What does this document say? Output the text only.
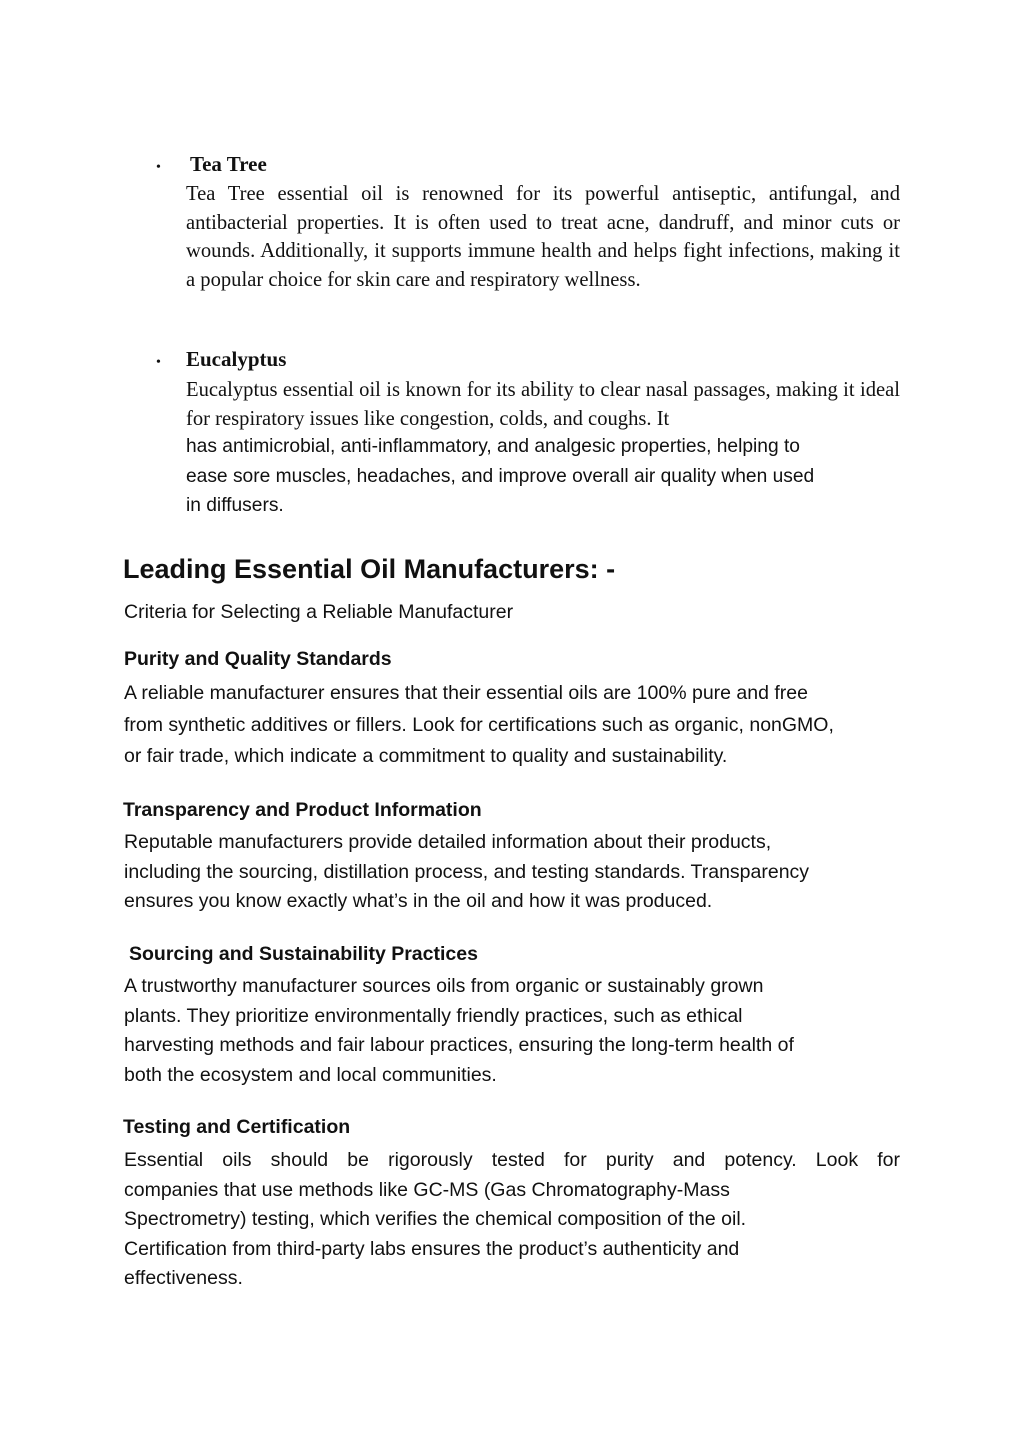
• Tea Tree

Tea Tree essential oil is renowned for its powerful antiseptic, antifungal, and antibacterial properties. It is often used to treat acne, dandruff, and minor cuts or wounds. Additionally, it supports immune health and helps fight infections, making it a popular choice for skin care and respiratory wellness.

• Eucalyptus

Eucalyptus essential oil is known for its ability to clear nasal passages, making it ideal for respiratory issues like congestion, colds, and coughs. It

has antimicrobial, anti-inflammatory, and analgesic properties, helping to
ease sore muscles, headaches, and improve overall air quality when used
in diffusers.
Leading Essential Oil Manufacturers: -
Criteria for Selecting a Reliable Manufacturer
Purity and Quality Standards
A reliable manufacturer ensures that their essential oils are 100% pure and free
from synthetic additives or fillers. Look for certifications such as organic, nonGMO,
or fair trade, which indicate a commitment to quality and sustainability.
Transparency and Product Information
Reputable manufacturers provide detailed information about their products,
including the sourcing, distillation process, and testing standards. Transparency
ensures you know exactly what’s in the oil and how it was produced.
Sourcing and Sustainability Practices
A trustworthy manufacturer sources oils from organic or sustainably grown
plants. They prioritize environmentally friendly practices, such as ethical
harvesting methods and fair labour practices, ensuring the long-term health of
both the ecosystem and local communities.
Testing and Certification
Essential oils should be rigorously tested for purity and potency. Look for
companies that use methods like GC-MS (Gas Chromatography-Mass
Spectrometry) testing, which verifies the chemical composition of the oil.
Certification from third-party labs ensures the product’s authenticity and
effectiveness.
